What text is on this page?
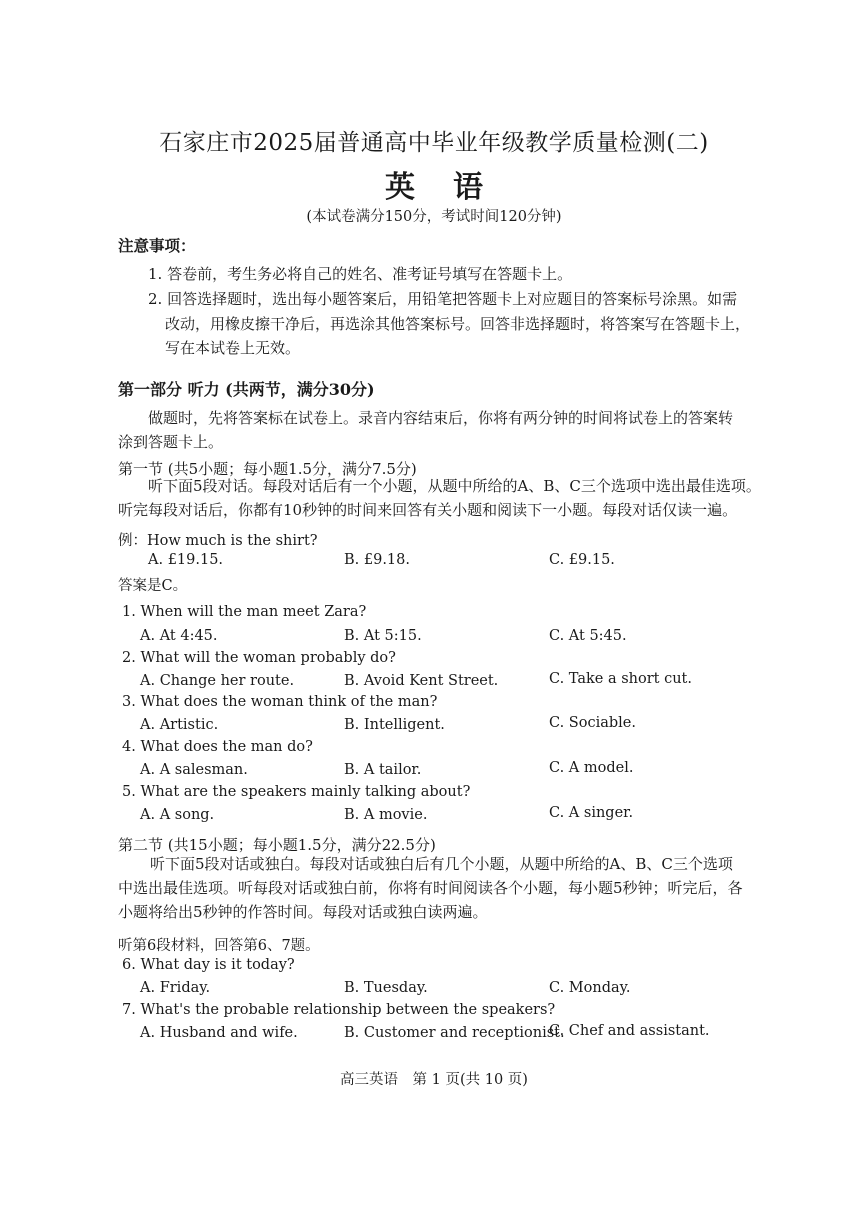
石家庄市2025届普通高中毕业年级教学质量检测(二)
英语
(本试卷满分150分，考试时间120分钟)
注意事项：
1. 答卷前，考生务必将自己的姓名、准考证号填写在答题卡上。
2. 回答选择题时，选出每小题答案后，用铅笔把答题卡上对应题目的答案标号涂黑。如需
改动，用橡皮擦干净后，再选涂其他答案标号。回答非选择题时，将答案写在答题卡上，
写在本试卷上无效。
第一部分 听力 (共两节，满分30分)
做题时，先将答案标在试卷上。录音内容结束后，你将有两分钟的时间将试卷上的答案转
涂到答题卡上。
第一节 (共5小题；每小题1.5分，满分7.5分)
听下面5段对话。每段对话后有一个小题，从题中所给的A、B、C三个选项中选出最佳选项。
听完每段对话后，你都有10秒钟的时间来回答有关小题和阅读下一小题。每段对话仅读一遍。
例：How much is the shirt?
A. £19.15.	B. £9.18.	C. £9.15.
答案是C。
1. When will the man meet Zara?
A. At 4:45.	B. At 5:15.	C. At 5:45.
2. What will the woman probably do?
A. Change her route.	B. Avoid Kent Street.	C. Take a short cut.
3. What does the woman think of the man?
A. Artistic.	B. Intelligent.	C. Sociable.
4. What does the man do?
A. A salesman.	B. A tailor.	C. A model.
5. What are the speakers mainly talking about?
A. A song.	B. A movie.	C. A singer.
第二节 (共15小题；每小题1.5分，满分22.5分)
听下面5段对话或独白。每段对话或独白后有几个小题，从题中所给的A、B、C三个选项
中选出最佳选项。听每段对话或独白前，你将有时间阅读各个小题，每小题5秒钟；听完后，各
小题将给出5秒钟的作答时间。每段对话或独白读两遍。
听第6段材料，回答第6、7题。
6. What day is it today?
A. Friday.	B. Tuesday.	C. Monday.
7. What's the probable relationship between the speakers?
A. Husband and wife.	B. Customer and receptionist.
C. Chef and assistant.
高三英语　第 1 页(共 10 页)
